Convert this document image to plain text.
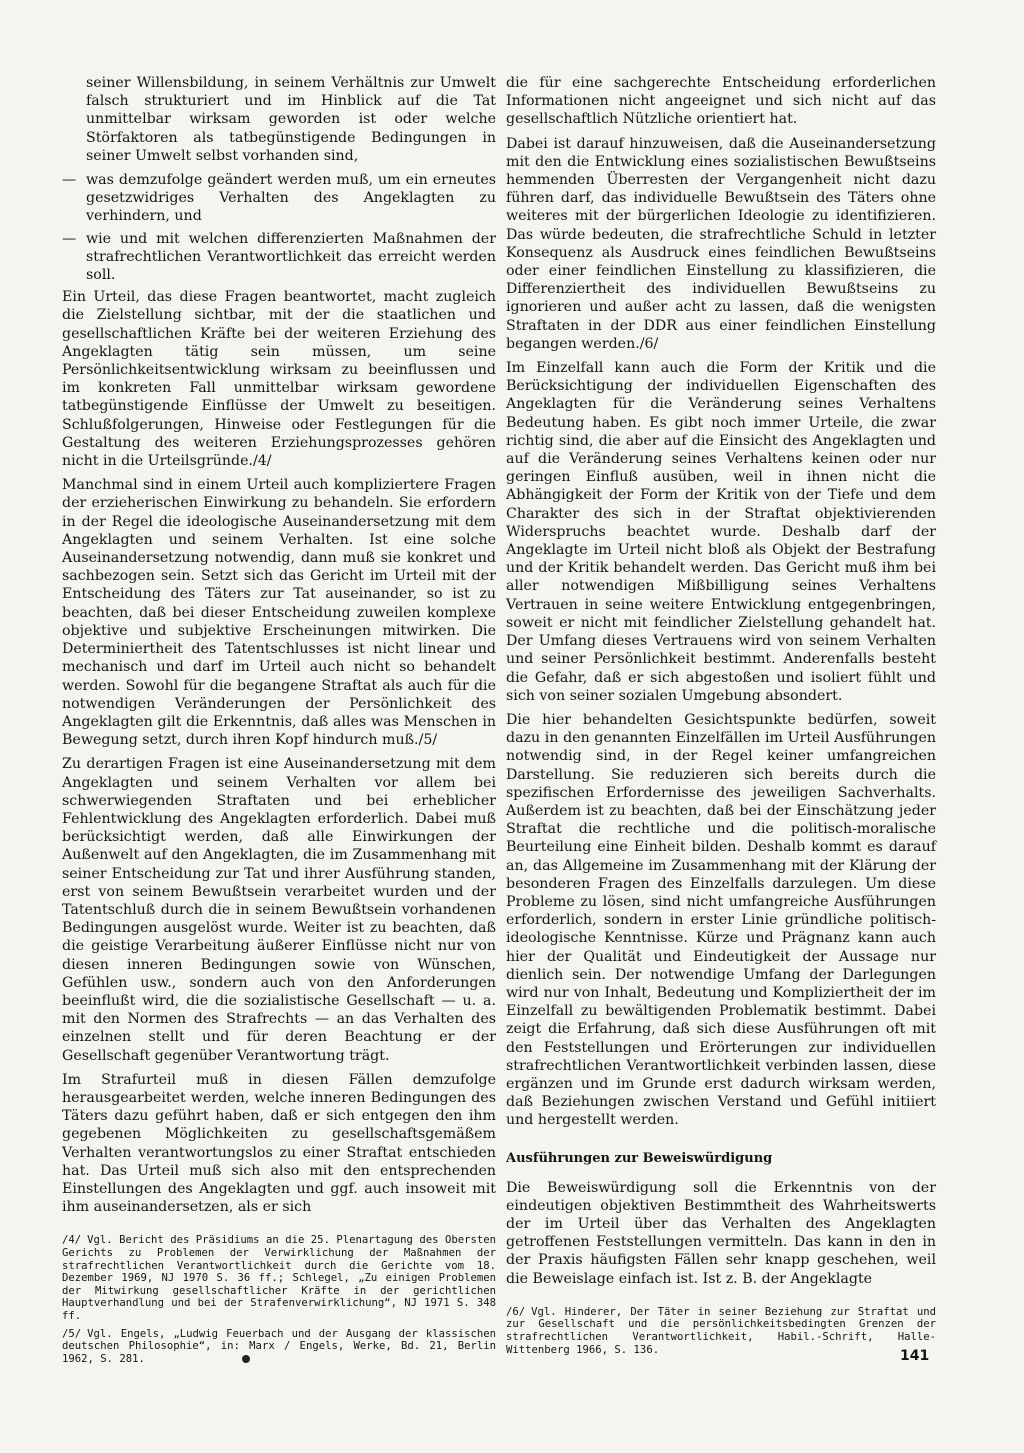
seiner Willensbildung, in seinem Verhältnis zur Umwelt falsch strukturiert und im Hinblick auf die Tat unmittelbar wirksam geworden ist oder welche Störfaktoren als tatbegünstigende Bedingungen in seiner Umwelt selbst vorhanden sind,

— was demzufolge geändert werden muß, um ein erneutes gesetzwidriges Verhalten des Angeklagten zu verhindern, und
— wie und mit welchen differenzierten Maßnahmen der strafrechtlichen Verantwortlichkeit das erreicht werden soll.

Ein Urteil, das diese Fragen beantwortet, macht zugleich die Zielstellung sichtbar, mit der die staatlichen und gesellschaftlichen Kräfte bei der weiteren Erziehung des Angeklagten tätig sein müssen, um seine Persönlichkeitsentwicklung wirksam zu beeinflussen und im konkreten Fall unmittelbar wirksam gewordene tatbegünstigende Einflüsse der Umwelt zu beseitigen. Schlußfolgerungen, Hinweise oder Festlegungen für die Gestaltung des weiteren Erziehungsprozesses gehören nicht in die Urteilsgründe./4/

Manchmal sind in einem Urteil auch kompliziertere Fragen der erzieherischen Einwirkung zu behandeln. Sie erfordern in der Regel die ideologische Auseinandersetzung mit dem Angeklagten und seinem Verhalten. Ist eine solche Auseinandersetzung notwendig, dann muß sie konkret und sachbezogen sein. Setzt sich das Gericht im Urteil mit der Entscheidung des Täters zur Tat auseinander, so ist zu beachten, daß bei dieser Entscheidung zuweilen komplexe objektive und subjektive Erscheinungen mitwirken. Die Determiniertheit des Tatentschlusses ist nicht linear und mechanisch und darf im Urteil auch nicht so behandelt werden. Sowohl für die begangene Straftat als auch für die notwendigen Veränderungen der Persönlichkeit des Angeklagten gilt die Erkenntnis, daß alles was Menschen in Bewegung setzt, durch ihren Kopf hindurch muß./5/

Zu derartigen Fragen ist eine Auseinandersetzung mit dem Angeklagten und seinem Verhalten vor allem bei schwerwiegenden Straftaten und bei erheblicher Fehlentwicklung des Angeklagten erforderlich. Dabei muß berücksichtigt werden, daß alle Einwirkungen der Außenwelt auf den Angeklagten, die im Zusammenhang mit seiner Entscheidung zur Tat und ihrer Ausführung standen, erst von seinem Bewußtsein verarbeitet wurden und der Tatentschluß durch die in seinem Bewußtsein vorhandenen Bedingungen ausgelöst wurde. Weiter ist zu beachten, daß die geistige Verarbeitung äußerer Einflüsse nicht nur von diesen inneren Bedingungen sowie von Wünschen, Gefühlen usw., sondern auch von den Anforderungen beeinflußt wird, die die sozialistische Gesellschaft — u. a. mit den Normen des Strafrechts — an das Verhalten des einzelnen stellt und für deren Beachtung er der Gesellschaft gegenüber Verantwortung trägt.

Im Strafurteil muß in diesen Fällen demzufolge herausgearbeitet werden, welche inneren Bedingungen des Täters dazu geführt haben, daß er sich entgegen den ihm gegebenen Möglichkeiten zu gesellschaftsgemäßem Verhalten verantwortungslos zu einer Straftat entschieden hat. Das Urteil muß sich also mit den entsprechenden Einstellungen des Angeklagten und ggf. auch insoweit mit ihm auseinandersetzen, als er sich

/4/ Vgl. Bericht des Präsidiums an die 25. Plenartagung des Obersten Gerichts zu Problemen der Verwirklichung der Maßnahmen der strafrechtlichen Verantwortlichkeit durch die Gerichte vom 18. Dezember 1969, NJ 1970 S. 36 ff.; Schlegel, „Zu einigen Problemen der Mitwirkung gesellschaftlicher Kräfte in der gerichtlichen Hauptverhandlung und bei der Strafenverwirklichung“, NJ 1971 S. 348 ff.

/5/ Vgl. Engels, „Ludwig Feuerbach und der Ausgang der klassischen deutschen Philosophie“, in: Marx / Engels, Werke, Bd. 21, Berlin 1962, S. 281.

die für eine sachgerechte Entscheidung erforderlichen Informationen nicht angeeignet und sich nicht auf das gesellschaftlich Nützliche orientiert hat.

Dabei ist darauf hinzuweisen, daß die Auseinandersetzung mit den die Entwicklung eines sozialistischen Bewußtseins hemmenden Überresten der Vergangenheit nicht dazu führen darf, das individuelle Bewußtsein des Täters ohne weiteres mit der bürgerlichen Ideologie zu identifizieren. Das würde bedeuten, die strafrechtliche Schuld in letzter Konsequenz als Ausdruck eines feindlichen Bewußtseins oder einer feindlichen Einstellung zu klassifizieren, die Differenziertheit des individuellen Bewußtseins zu ignorieren und außer acht zu lassen, daß die wenigsten Straftaten in der DDR aus einer feindlichen Einstellung begangen werden./6/

Im Einzelfall kann auch die Form der Kritik und die Berücksichtigung der individuellen Eigenschaften des Angeklagten für die Veränderung seines Verhaltens Bedeutung haben. Es gibt noch immer Urteile, die zwar richtig sind, die aber auf die Einsicht des Angeklagten und auf die Veränderung seines Verhaltens keinen oder nur geringen Einfluß ausüben, weil in ihnen nicht die Abhängigkeit der Form der Kritik von der Tiefe und dem Charakter des sich in der Straftat objektivierenden Widerspruchs beachtet wurde. Deshalb darf der Angeklagte im Urteil nicht bloß als Objekt der Bestrafung und der Kritik behandelt werden. Das Gericht muß ihm bei aller notwendigen Mißbilligung seines Verhaltens Vertrauen in seine weitere Entwicklung entgegenbringen, soweit er nicht mit feindlicher Zielstellung gehandelt hat. Der Umfang dieses Vertrauens wird von seinem Verhalten und seiner Persönlichkeit bestimmt. Anderenfalls besteht die Gefahr, daß er sich abgestoßen und isoliert fühlt und sich von seiner sozialen Umgebung absondert.

Die hier behandelten Gesichtspunkte bedürfen, soweit dazu in den genannten Einzelfällen im Urteil Ausführungen notwendig sind, in der Regel keiner umfangreichen Darstellung. Sie reduzieren sich bereits durch die spezifischen Erfordernisse des jeweiligen Sachverhalts. Außerdem ist zu beachten, daß bei der Einschätzung jeder Straftat die rechtliche und die politisch-moralische Beurteilung eine Einheit bilden. Deshalb kommt es darauf an, das Allgemeine im Zusammenhang mit der Klärung der besonderen Fragen des Einzelfalls darzulegen. Um diese Probleme zu lösen, sind nicht umfangreiche Ausführungen erforderlich, sondern in erster Linie gründliche politisch-ideologische Kenntnisse. Kürze und Prägnanz kann auch hier der Qualität und Eindeutigkeit der Aussage nur dienlich sein. Der notwendige Umfang der Darlegungen wird nur von Inhalt, Bedeutung und Kompliziertheit der im Einzelfall zu bewältigenden Problematik bestimmt. Dabei zeigt die Erfahrung, daß sich diese Ausführungen oft mit den Feststellungen und Erörterungen zur individuellen strafrechtlichen Verantwortlichkeit verbinden lassen, diese ergänzen und im Grunde erst dadurch wirksam werden, daß Beziehungen zwischen Verstand und Gefühl initiiert und hergestellt werden.

Ausführungen zur Beweiswürdigung

Die Beweiswürdigung soll die Erkenntnis von der eindeutigen objektiven Bestimmtheit des Wahrheitswerts der im Urteil über das Verhalten des Angeklagten getroffenen Feststellungen vermitteln. Das kann in den in der Praxis häufigsten Fällen sehr knapp geschehen, weil die Beweislage einfach ist. Ist z. B. der Angeklagte

/6/ Vgl. Hinderer, Der Täter in seiner Beziehung zur Straftat und zur Gesellschaft und die persönlichkeitsbedingten Grenzen der strafrechtlichen Verantwortlichkeit, Habil.-Schrift, Halle-Wittenberg 1966, S. 136.	141
